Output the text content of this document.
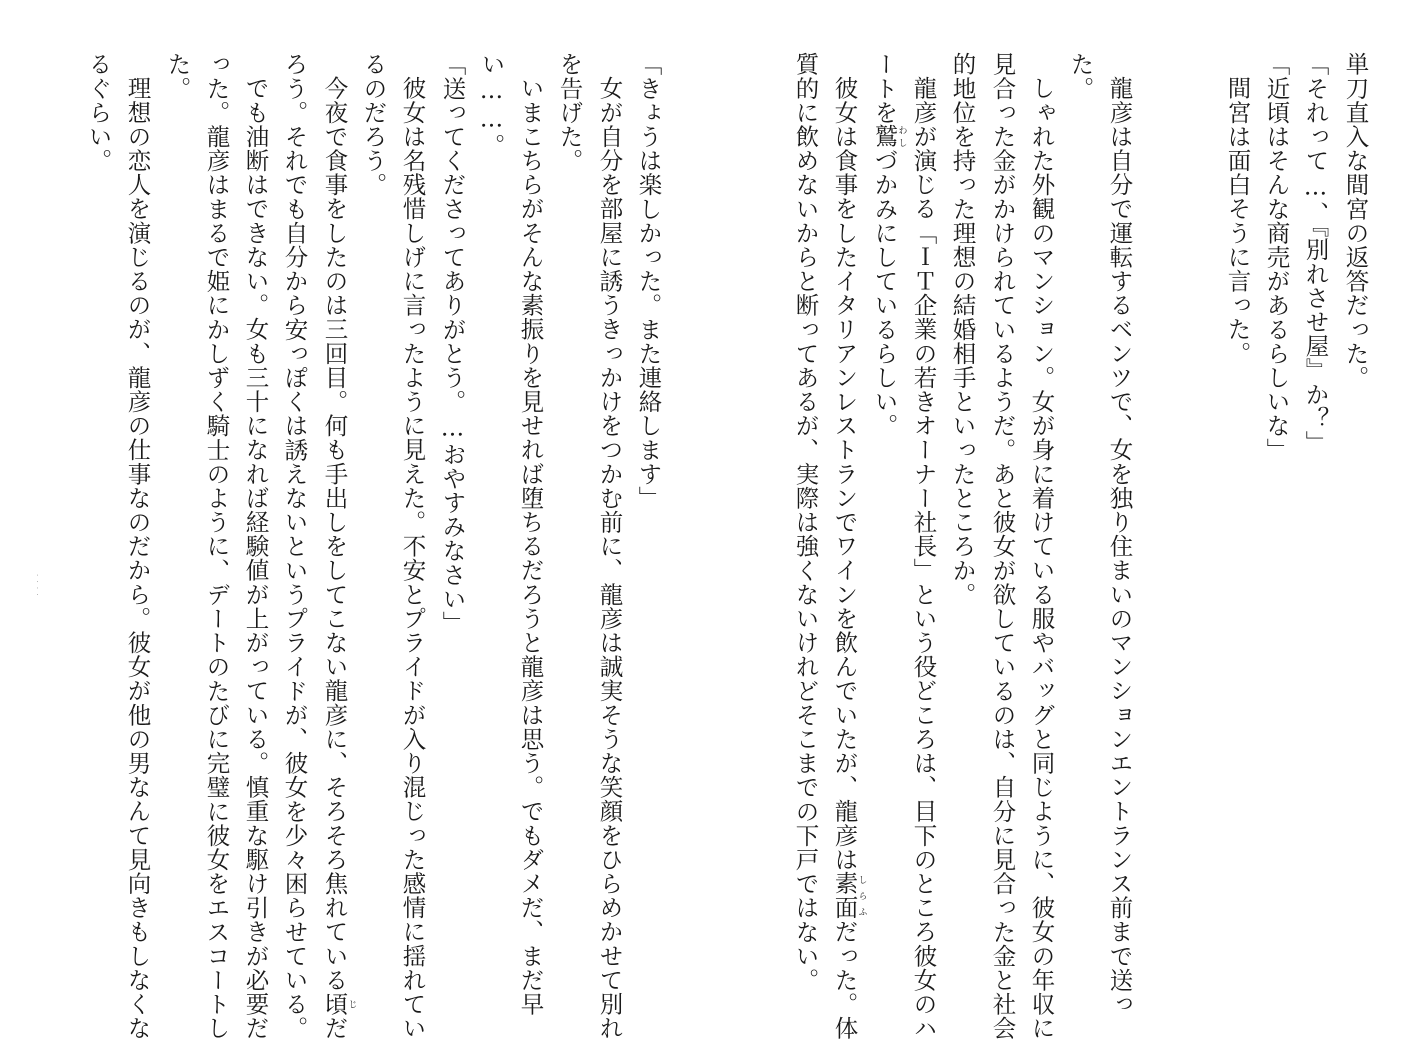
単刀直入な間宮の返答だった。

「それって…、『別れさせ屋』か？」

「近頃はそんな商売があるらしいな」

間宮は面白そうに言った。

龍彦は自分で運転するベンツで、女を独り住まいのマンションエントランス前まで送っ

た。

しゃれた外観のマンション。女が身に着けている服やバッグと同じように、彼女の年収に

見合った金がかけられているようだ。あと彼女が欲しているのは、自分に見合った金と社会

的地位を持った理想の結婚相手といったところか。

龍彦が演じる「ＩＴ企業の若きオーナー社長」という役どころは、目下のところ彼女のハ

ートを鷲わしづかみにしているらしい。

彼女は食事をしたイタリアンレストランでワインを飲んでいたが、龍彦は素面しらふだった。体

質的に飲めないからと断ってあるが、実際は強くないけれどそこまでの下戸ではない。

「きょうは楽しかった。また連絡します」

女が自分を部屋に誘うきっかけをつかむ前に、龍彦は誠実そうな笑顔をひらめかせて別れ

を告げた。

いまこちらがそんな素振りを見せれば堕ちるだろうと龍彦は思う。でもダメだ、まだ早

い……。

「送ってくださってありがとう。…おやすみなさい」

彼女は名残惜しげに言ったように見えた。不安とプライドが入り混じった感情に揺れてい

るのだろう。

今夜で食事をしたのは三回目。何も手出しをしてこない龍彦に、そろそろ焦れている頃じだ

ろう。それでも自分から安っぽくは誘えないというプライドが、彼女を少々困らせている。

でも油断はできない。女も三十になれば経験値が上がっている。慎重な駆け引きが必要だ

った。龍彦はまるで姫にかしずく騎士のように、デートのたびに完璧に彼女をエスコートし

た。

理想の恋人を演じるのが、龍彦の仕事なのだから。彼女が他の男なんて見向きもしなくな

るぐらい。

· · · ·
